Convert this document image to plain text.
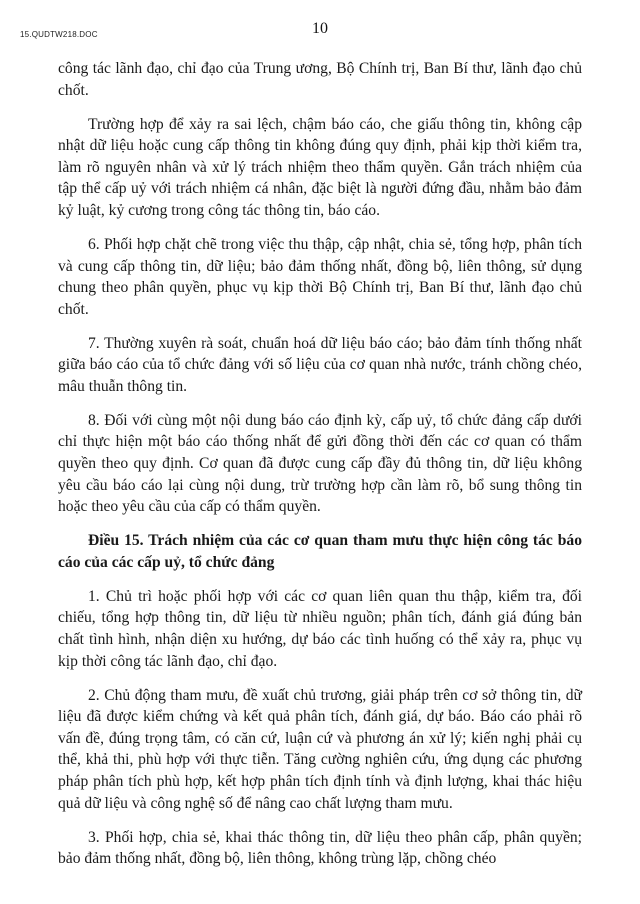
15.QUDTW218.DOC	10

công tác lãnh đạo, chỉ đạo của Trung ương, Bộ Chính trị, Ban Bí thư, lãnh đạo chủ chốt.

Trường hợp để xảy ra sai lệch, chậm báo cáo, che giấu thông tin, không cập nhật dữ liệu hoặc cung cấp thông tin không đúng quy định, phải kịp thời kiểm tra, làm rõ nguyên nhân và xử lý trách nhiệm theo thẩm quyền. Gắn trách nhiệm của tập thể cấp uỷ với trách nhiệm cá nhân, đặc biệt là người đứng đầu, nhằm bảo đảm kỷ luật, kỷ cương trong công tác thông tin, báo cáo.

6. Phối hợp chặt chẽ trong việc thu thập, cập nhật, chia sẻ, tổng hợp, phân tích và cung cấp thông tin, dữ liệu; bảo đảm thống nhất, đồng bộ, liên thông, sử dụng chung theo phân quyền, phục vụ kịp thời Bộ Chính trị, Ban Bí thư, lãnh đạo chủ chốt.

7. Thường xuyên rà soát, chuẩn hoá dữ liệu báo cáo; bảo đảm tính thống nhất giữa báo cáo của tổ chức đảng với số liệu của cơ quan nhà nước, tránh chồng chéo, mâu thuẫn thông tin.

8. Đối với cùng một nội dung báo cáo định kỳ, cấp uỷ, tổ chức đảng cấp dưới chỉ thực hiện một báo cáo thống nhất để gửi đồng thời đến các cơ quan có thẩm quyền theo quy định. Cơ quan đã được cung cấp đầy đủ thông tin, dữ liệu không yêu cầu báo cáo lại cùng nội dung, trừ trường hợp cần làm rõ, bổ sung thông tin hoặc theo yêu cầu của cấp có thẩm quyền.

Điều 15. Trách nhiệm của các cơ quan tham mưu thực hiện công tác báo cáo của các cấp uỷ, tổ chức đảng

1. Chủ trì hoặc phối hợp với các cơ quan liên quan thu thập, kiểm tra, đối chiếu, tổng hợp thông tin, dữ liệu từ nhiều nguồn; phân tích, đánh giá đúng bản chất tình hình, nhận diện xu hướng, dự báo các tình huống có thể xảy ra, phục vụ kịp thời công tác lãnh đạo, chỉ đạo.

2. Chủ động tham mưu, đề xuất chủ trương, giải pháp trên cơ sở thông tin, dữ liệu đã được kiểm chứng và kết quả phân tích, đánh giá, dự báo. Báo cáo phải rõ vấn đề, đúng trọng tâm, có căn cứ, luận cứ và phương án xử lý; kiến nghị phải cụ thể, khả thi, phù hợp với thực tiễn. Tăng cường nghiên cứu, ứng dụng các phương pháp phân tích phù hợp, kết hợp phân tích định tính và định lượng, khai thác hiệu quả dữ liệu và công nghệ số để nâng cao chất lượng tham mưu.

3. Phối hợp, chia sẻ, khai thác thông tin, dữ liệu theo phân cấp, phân quyền; bảo đảm thống nhất, đồng bộ, liên thông, không trùng lặp, chồng chéo
